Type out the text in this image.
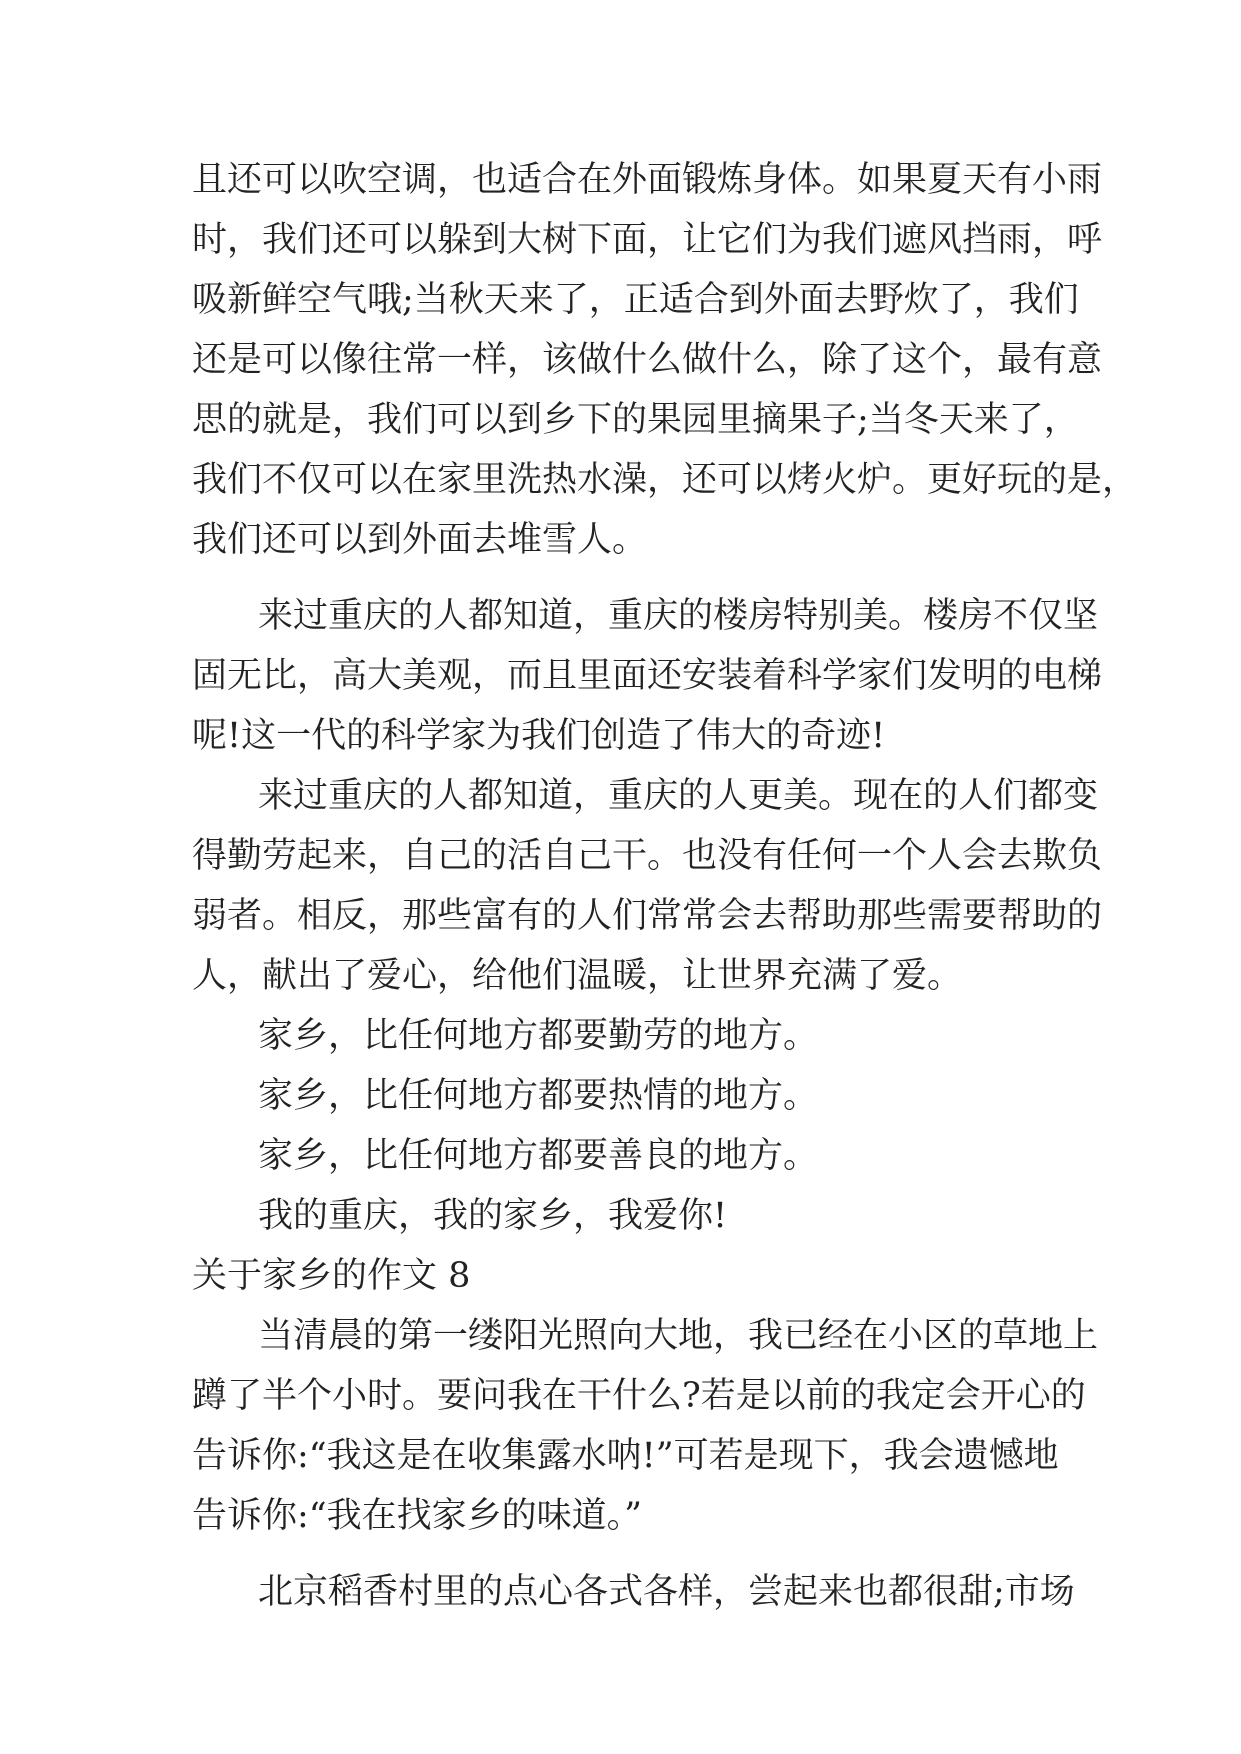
且还可以吹空调，也适合在外面锻炼身体。如果夏天有小雨
时，我们还可以躲到大树下面，让它们为我们遮风挡雨，呼
吸新鲜空气哦;当秋天来了，正适合到外面去野炊了，我们
还是可以像往常一样，该做什么做什么，除了这个，最有意
思的就是，我们可以到乡下的果园里摘果子;当冬天来了，
我们不仅可以在家里洗热水澡，还可以烤火炉。更好玩的是，
我们还可以到外面去堆雪人。
来过重庆的人都知道，重庆的楼房特别美。楼房不仅坚
固无比，高大美观，而且里面还安装着科学家们发明的电梯
呢!这一代的科学家为我们创造了伟大的奇迹!
来过重庆的人都知道，重庆的人更美。现在的人们都变
得勤劳起来，自己的活自己干。也没有任何一个人会去欺负
弱者。相反，那些富有的人们常常会去帮助那些需要帮助的
人，献出了爱心，给他们温暖，让世界充满了爱。
家乡，比任何地方都要勤劳的地方。
家乡，比任何地方都要热情的地方。
家乡，比任何地方都要善良的地方。
我的重庆，我的家乡，我爱你!
关于家乡的作文 8
当清晨的第一缕阳光照向大地，我已经在小区的草地上
蹲了半个小时。要问我在干什么?若是以前的我定会开心的
告诉你:“我这是在收集露水呐!”可若是现下，我会遗憾地
告诉你:“我在找家乡的味道。”
北京稻香村里的点心各式各样，尝起来也都很甜;市场
